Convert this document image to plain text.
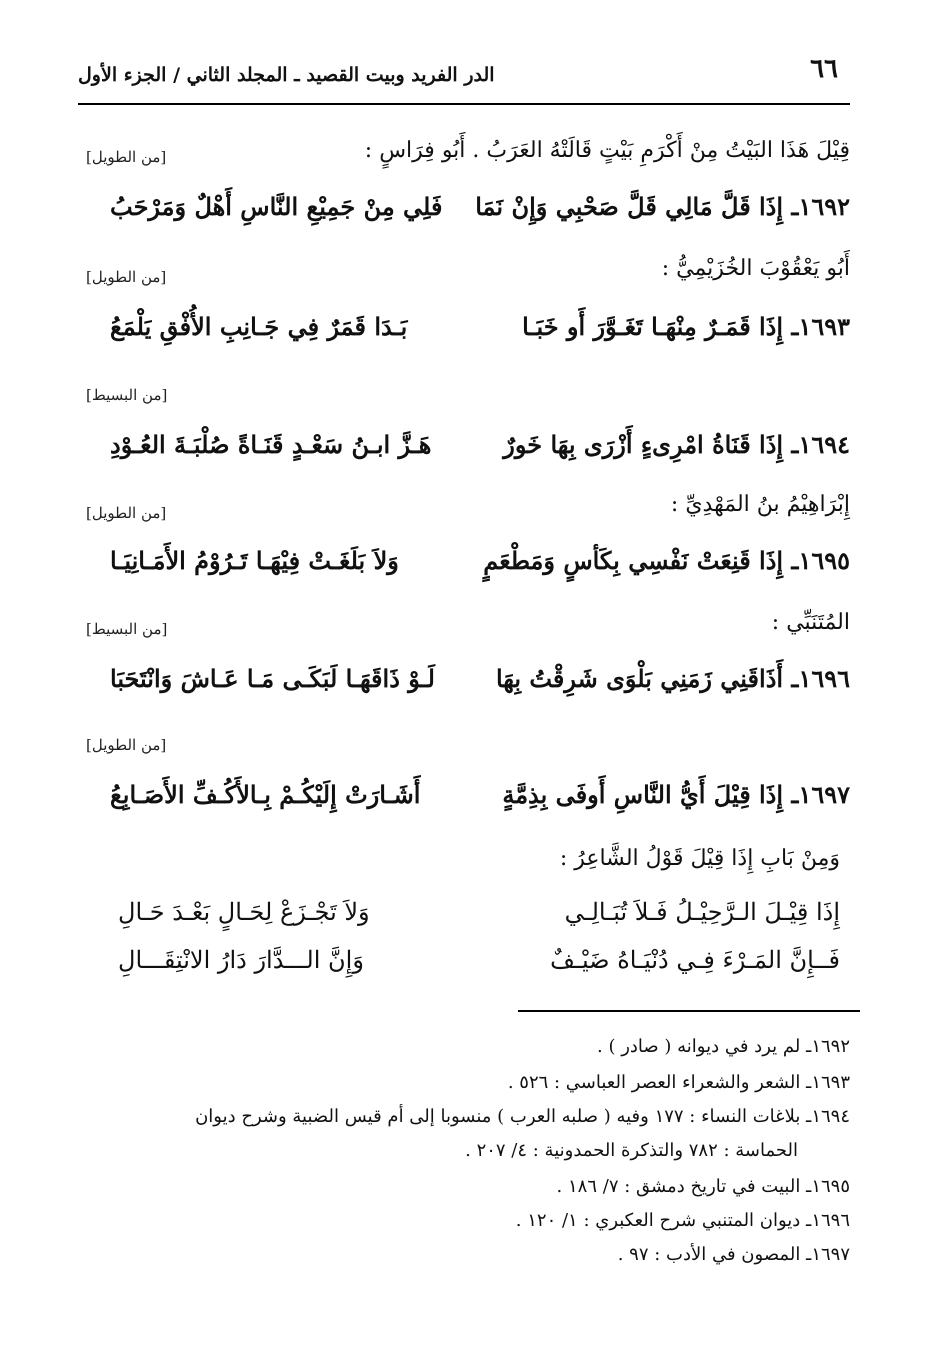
٦٦
الدر الفريد وبيت القصيد ـ المجلد الثاني / الجزء الأول
قِيْلَ هَذَا البَيْتُ مِنْ أَكْرَمِ بَيْتٍ قَالَتْهُ العَرَبُ . أَبُو فِرَاسٍ :
[من الطويل]
١٦٩٢ـ إِذَا قَلَّ مَالِي قَلَّ صَحْبِي وَإِنْ نَمَا
فَلِي مِنْ جَمِيْعِ النَّاسِ أَهْلٌ وَمَرْحَبُ
أَبُو يَعْقُوْبَ الخُزَيْمِيُّ :
[من الطويل]
١٦٩٣ـ إِذَا قَمَـرٌ مِنْهَـا تَغَـوَّرَ أَو خَبَـا
بَـدَا قَمَرٌ فِي جَـانِبِ الأُفْقِ يَلْمَعُ
[من البسيط]
١٦٩٤ـ إِذَا قَنَاةُ امْرِىءٍ أَزْرَى بِهَا خَورٌ
هَـزَّ ابـنُ سَعْـدٍ قَنَـاةً صُلْبَـةَ العُـوْدِ
إِبْرَاهِيْمُ بنُ المَهْدِيِّ :
[من الطويل]
١٦٩٥ـ إِذَا قَنِعَتْ نَفْسِي بِكَأسٍ وَمَطْعَمٍ
وَلاَ بَلَغَـتْ فِيْهَـا تَـرُوْمُ الأَمَـانِيَـا
المُتَنَبِّي :
[من البسيط]
١٦٩٦ـ أَذَاقَنِي زَمَنِي بَلْوَى شَرِقْتُ بِهَا
لَـوْ ذَاقَهَـا لَبَكَـى مَـا عَـاشَ وَانْتَحَبَا
[من الطويل]
١٦٩٧ـ إِذَا قِيْلَ أَيُّ النَّاسِ أَوفَى بِذِمَّةٍ
أَشَـارَتْ إِلَيْكُـمْ بِـالأَكُـفِّ الأَصَـابِعُ
وَمِنْ بَابِ إِذَا قِيْلَ قَوْلُ الشَّاعِرُ :
إِذَا قِيْـلَ الـرَّحِيْـلُ فَـلاَ تُبَـالِـي
وَلاَ تَجْـزَعْ لِحَـالٍ بَعْـدَ حَـالِ
فَــإِنَّ المَـرْءَ فِـي دُنْيَـاهُ ضَيْـفٌ
وَإِنَّ الـــدَّارَ دَارُ الانْتِقَـــالِ
١٦٩٢ـ لم يرد في ديوانه ( صادر ) .
١٦٩٣ـ الشعر والشعراء العصر العباسي : ٥٢٦ .
١٦٩٤ـ بلاغات النساء : ١٧٧ وفيه ( صلبه العرب ) منسوبا إلى أم قيس الضبية وشرح ديوان
الحماسة : ٧٨٢ والتذكرة الحمدونية : ٤/ ٢٠٧ .
١٦٩٥ـ البيت في تاريخ دمشق : ٧/ ١٨٦ .
١٦٩٦ـ ديوان المتنبي شرح العكبري : ١/ ١٢٠ .
١٦٩٧ـ المصون في الأدب : ٩٧ .
